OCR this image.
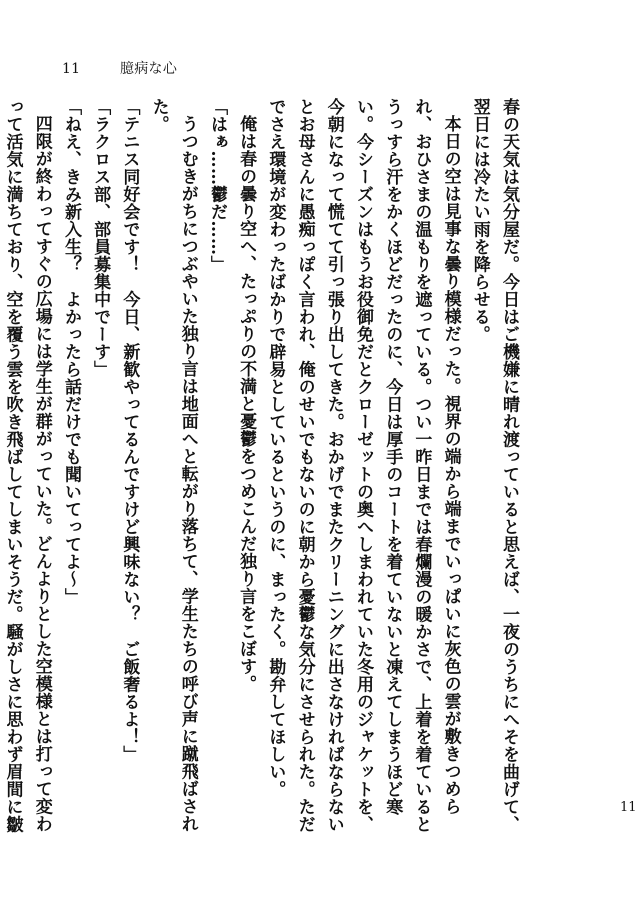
11	臆病な心

春の天気は気分屋だ。今日はご機嫌に晴れ渡っていると思えば、一夜のうちにへそを曲げて、翌日には冷たい雨を降らせる。

本日の空は見事な曇り模様だった。視界の端から端までいっぱいに灰色の雲が敷きつめられ、おひさまの温もりを遮っている。つい一昨日までは春爛漫の暖かさで、上着を着ているとうっすら汗をかくほどだったのに、今日は厚手のコートを着ていないと凍えてしまうほど寒い。今シーズンはもうお役御免だとクローゼットの奥へしまわれていた冬用のジャケットを、今朝になって慌てて引っ張り出してきた。おかげでまたクリーニングに出さなければならないとお母さんに愚痴っぽく言われ、俺のせいでもないのに朝から憂鬱な気分にさせられた。ただでさえ環境が変わったばかりで辟易としているというのに、まったく。勘弁してほしい。

俺は春の曇り空へ、たっぷりの不満と憂鬱をつめこんだ独り言をこぼす。

「はぁ……鬱だ……」

うつむきがちにつぶやいた独り言は地面へと転がり落ちて、学生たちの呼び声に蹴飛ばされた。

「テニス同好会です！　今日、新歓やってるんですけど興味ない？　ご飯奢るよ！」

「ラクロス部、部員募集中でーす」

「ねえ、きみ新入生？　よかったら話だけでも聞いてってよ～」

四限が終わってすぐの広場には学生が群がっていた。どんよりとした空模様とは打って変わって活気に満ちており、空を覆う雲を吹き飛ばしてしまいそうだ。騒がしさに思わず眉間に皺

11
